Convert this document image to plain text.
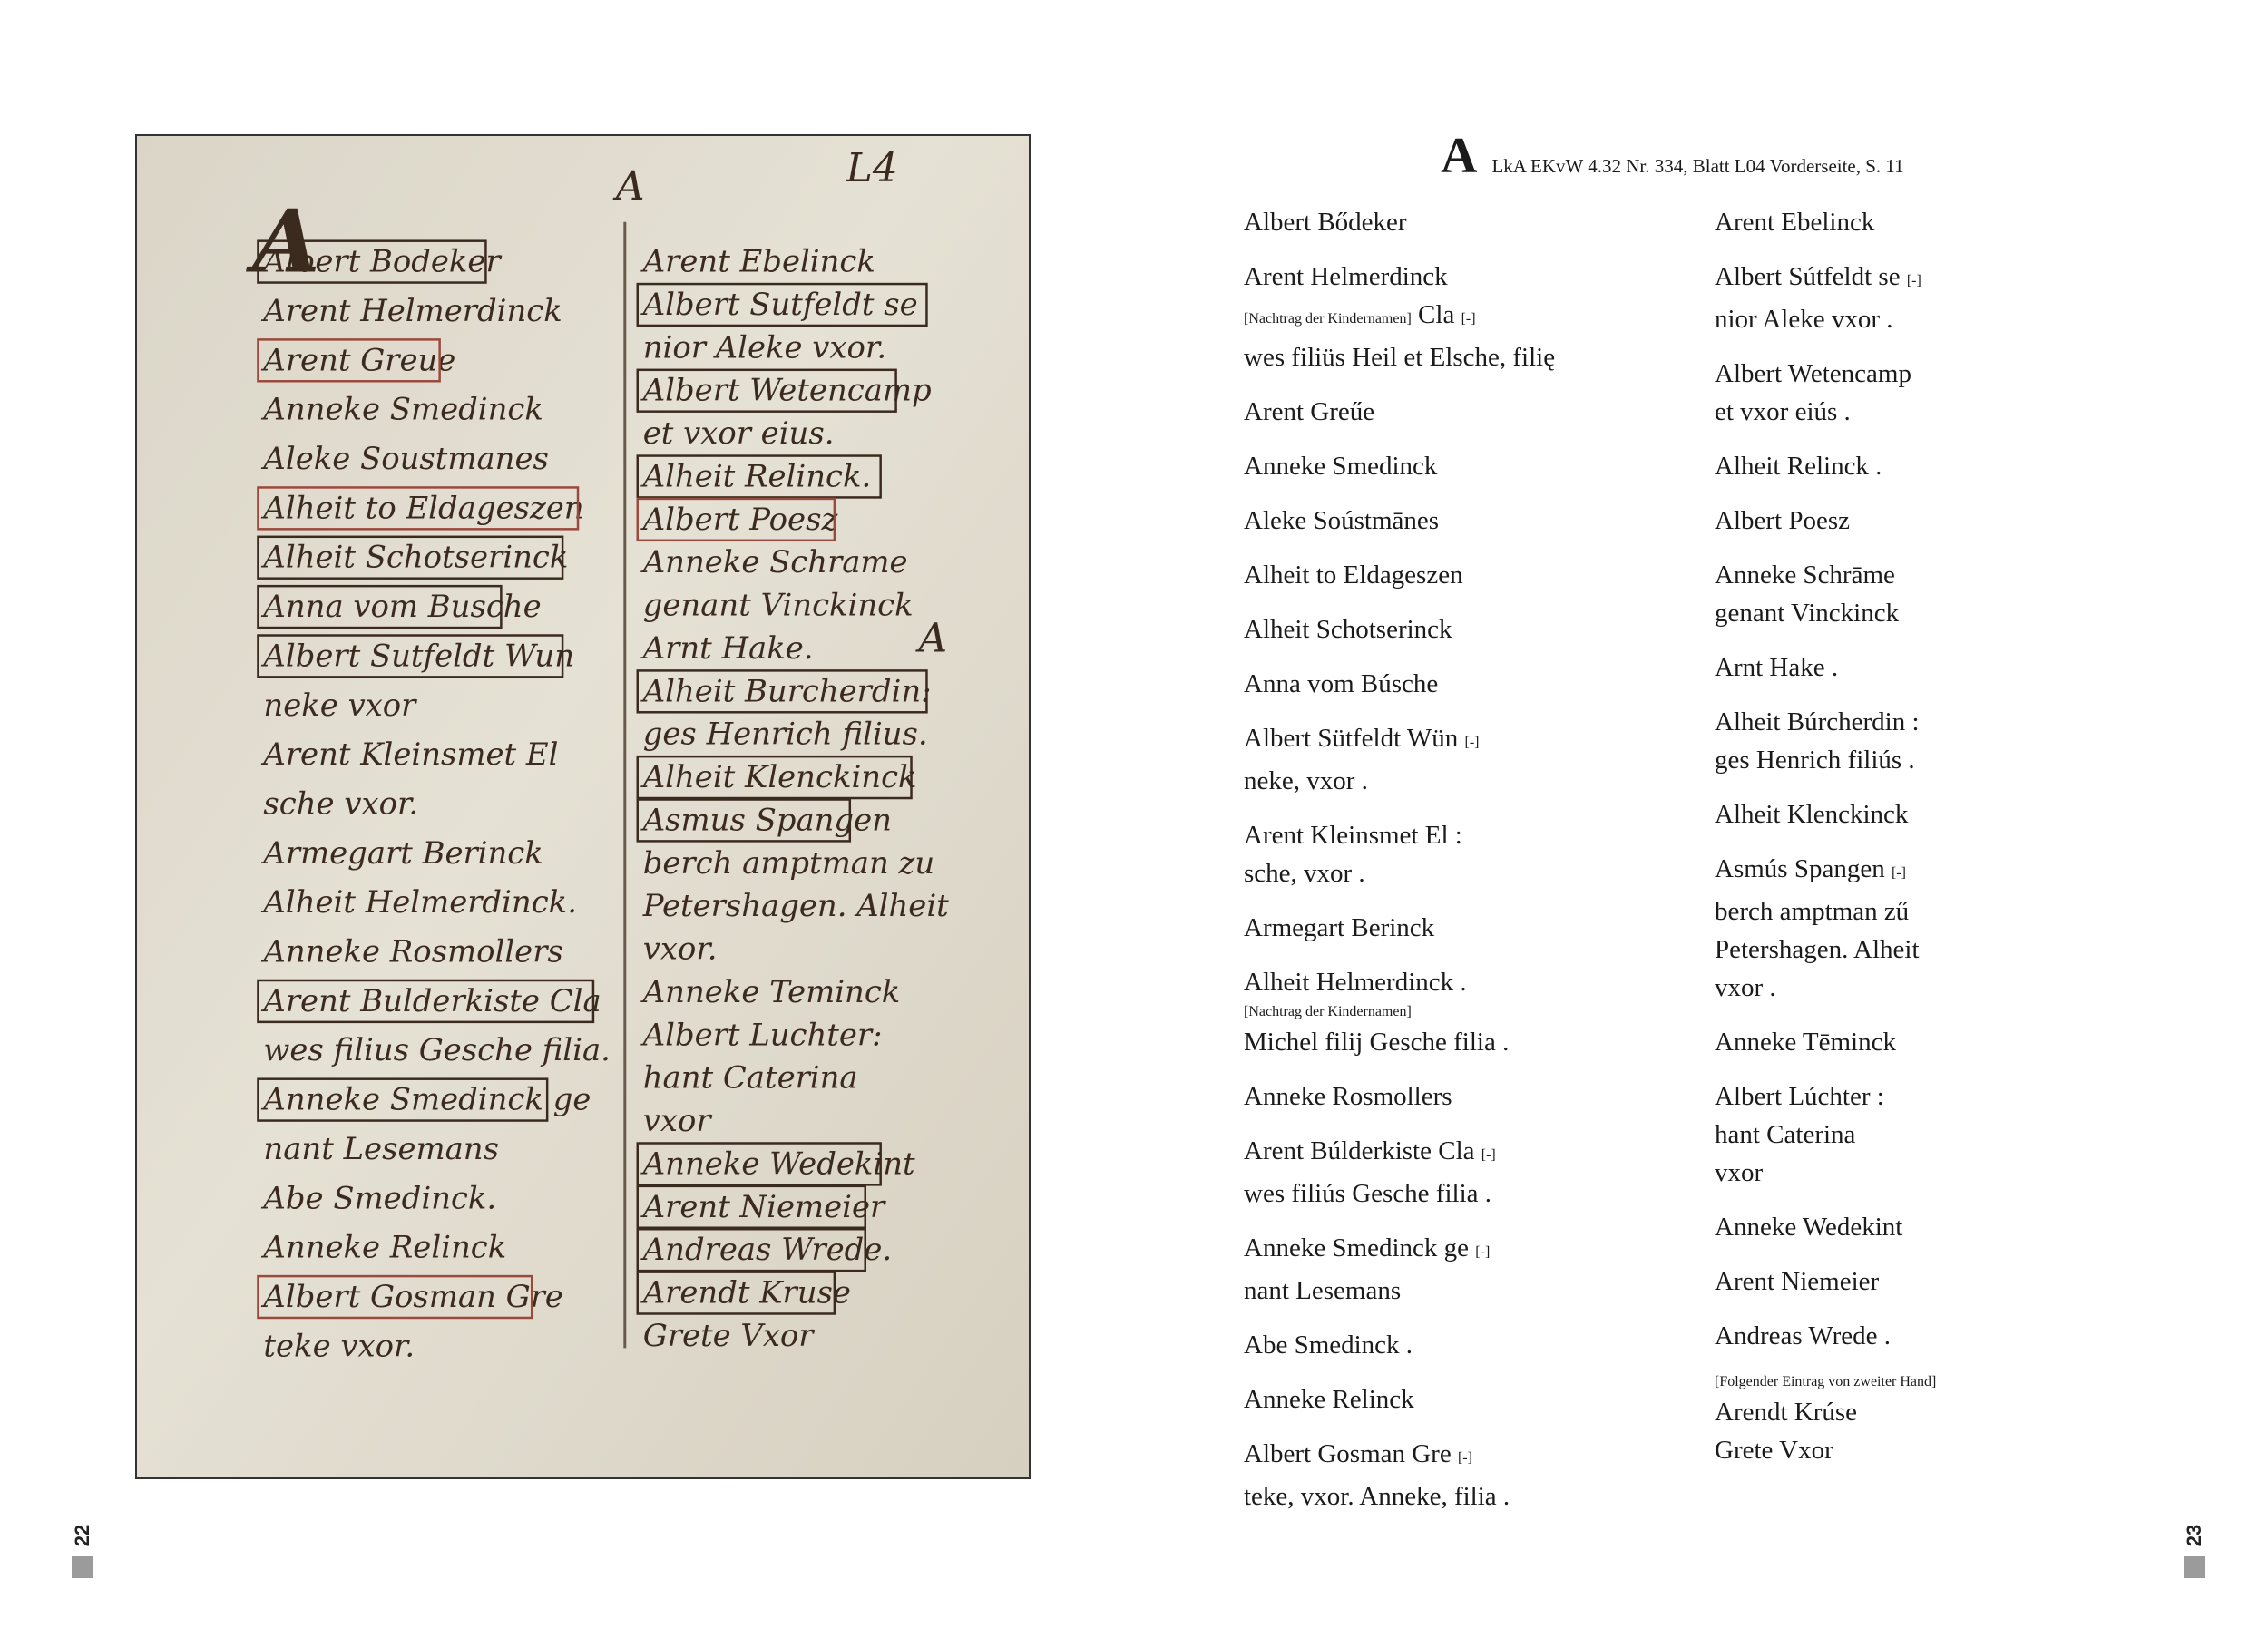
L4
A
A
A
Albert Bodeker
Arent Helmerdinck
Arent Greue
Anneke Smedinck
Aleke Soustmanes
Alheit to Eldageszen
Alheit Schotserinck
Anna vom Busche
Albert Sutfeldt Wun
neke vxor
Arent Kleinsmet El
sche vxor.
Armegart Berinck
Alheit Helmerdinck.
Anneke Rosmollers
Arent Bulderkiste Cla
wes filius Gesche filia.
Anneke Smedinck ge
nant Lesemans
Abe Smedinck.
Anneke Relinck
Albert Gosman Gre
teke vxor.
Arent Ebelinck
Albert Sutfeldt se
nior Aleke vxor.
Albert Wetencamp
et vxor eius.
Alheit Relinck.
Albert Poesz
Anneke Schrame
genant Vinckinck
Arnt Hake.
Alheit Burcherdin:
ges Henrich filius.
Alheit Klenckinck
Asmus Spangen
berch amptman zu
Petershagen. Alheit
vxor.
Anneke Teminck
Albert Luchter:
hant Caterina
vxor
Anneke Wedekint
Arent Niemeier
Andreas Wrede.
Arendt Kruse
Grete Vxor
22	23
A LkA EKvW 4.32 Nr. 334, Blatt L04 Vorderseite, S. 11
Albert Bődeker
Arent Helmerdinck
[Nachtrag der Kindernamen] Cla [-]
wes filiüs Heil et Elsche, filię
Arent Greűe
Anneke Smedinck
Aleke Soústmānes
Alheit to Eldageszen
Alheit Schotserinck
Anna vom Búsche
Albert Sütfeldt Wün [-]
neke, vxor .
Arent Kleinsmet El :
sche, vxor .
Armegart Berinck
Alheit Helmerdinck .
[Nachtrag der Kindernamen]
Michel filij Gesche filia .
Anneke Rosmollers
Arent Búlderkiste Cla [-]
wes filiús Gesche filia .
Anneke Smedinck ge [-]
nant Lesemans
Abe Smedinck .
Anneke Relinck
Albert Gosman Gre [-]
teke, vxor. Anneke, filia .
Arent Ebelinck
Albert Sútfeldt se [-]
nior Aleke vxor .
Albert Wetencamp
et vxor eiús .
Alheit Relinck .
Albert Poesz
Anneke Schrāme
genant Vinckinck
Arnt Hake .
Alheit Búrcherdin :
ges Henrich filiús .
Alheit Klenckinck
Asmús Spangen [-]
berch amptman zű
Petershagen. Alheit
vxor .
Anneke Tēminck
Albert Lúchter :
hant Caterina
vxor
Anneke Wedekint
Arent Niemeier
Andreas Wrede .
[Folgender Eintrag von zweiter Hand]
Arendt Krúse
Grete Vxor
